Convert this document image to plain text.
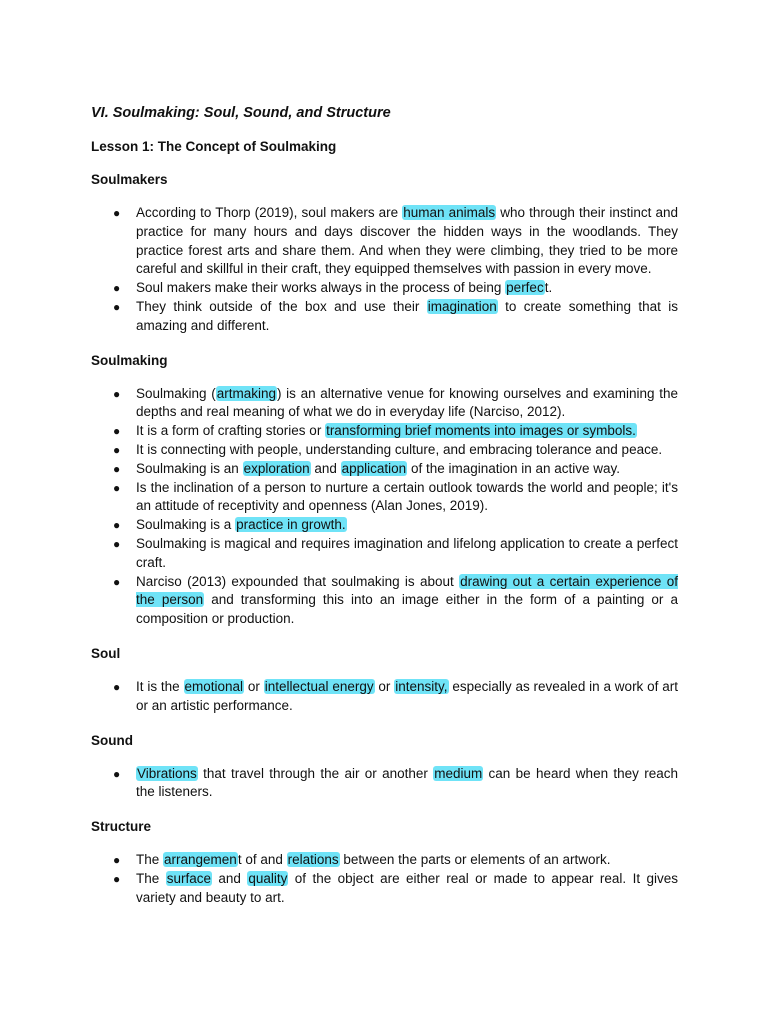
VI. Soulmaking: Soul, Sound, and Structure
Lesson 1: The Concept of Soulmaking
Soulmakers
● According to Thorp (2019), soul makers are human animals who through their instinct and practice for many hours and days discover the hidden ways in the woodlands. They practice forest arts and share them. And when they were climbing, they tried to be more careful and skillful in their craft, they equipped themselves with passion in every move.
● Soul makers make their works always in the process of being perfect.
● They think outside of the box and use their imagination to create something that is amazing and different.
Soulmaking
● Soulmaking (artmaking) is an alternative venue for knowing ourselves and examining the depths and real meaning of what we do in everyday life (Narciso, 2012).
● It is a form of crafting stories or transforming brief moments into images or symbols.
● It is connecting with people, understanding culture, and embracing tolerance and peace.
● Soulmaking is an exploration and application of the imagination in an active way.
● Is the inclination of a person to nurture a certain outlook towards the world and people; it's an attitude of receptivity and openness (Alan Jones, 2019).
● Soulmaking is a practice in growth.
● Soulmaking is magical and requires imagination and lifelong application to create a perfect craft.
● Narciso (2013) expounded that soulmaking is about drawing out a certain experience of the person and transforming this into an image either in the form of a painting or a composition or production.
Soul
● It is the emotional or intellectual energy or intensity, especially as revealed in a work of art or an artistic performance.
Sound
● Vibrations that travel through the air or another medium can be heard when they reach the listeners.
Structure
● The arrangement of and relations between the parts or elements of an artwork.
● The surface and quality of the object are either real or made to appear real. It gives variety and beauty to art.
